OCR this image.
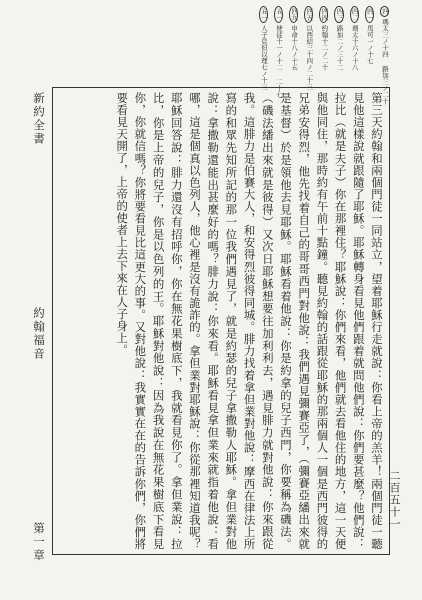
四瑪太三ノ十四 路加三ノ二十
四一馬可一ノ十七
四二瑪太十六ノ十八
四三路加二ノ三十二
四四約翰十二ノ二十
四五以西結三十四ノ二十三
四九申命十八ノ十五
五一使徒十一ノ十二 二十七
五一人子見但以理七ノ十三
新約全書
約翰福音
第一章	第三天約翰和兩個門徒一同站立，望着耶穌行走就說：你看上帝的羔羊！兩個門徒一聽見他這樣說就跟隨了耶穌。耶穌轉身看見他們跟着就問他們說：你們要甚麼？他們說：拉比（就是夫子）你在那裡住？耶穌說：你們來看，他們就去看他住的地方，這一天便與他同住，那時約有午前十點鐘。聽見約翰的話跟從耶穌的那兩個人一個是西門彼得的兄弟安得烈，他先找着自己的哥哥西門對他說：我們遇見彌賽亞了，（彌賽亞繙出來就是基督）於是領他去見耶穌。耶穌看着他說：你是約拿的兒子西門，你要稱為磯法。（磯法繙出來就是彼得）又次日耶穌想要往加利利去，遇見腓力就對他說：你來跟從我。這腓力是伯賽大人，和安得烈彼得同城。腓力找着拿但業對他說：摩西在律法上所寫的和眾先知所記的那一位我們遇見了，就是約瑟的兒子拿撒勒人耶穌。拿但業對他說：拿撒勒還能出甚麼好的嗎？腓力說：你來看。耶穌看見拿但業來就指着他說：看哪，這是個真以色列人，他心裡是沒有詭詐的。拿但業對耶穌說：你從那裡知道我呢？耶穌回答說：腓力還沒有招呼你，你在無花果樹底下，我就看見你了。拿但業說：拉比，你是上帝的兒子，你是以色列的王。耶穌對他說：因為我說在無花果樹底下看見你，你就信嗎？你將要看見比這更大的事。又對他說：我實實在在的告訴你們，你們將要看見天開了，上帝的使者上去下來在人子身上。

二百五十一
